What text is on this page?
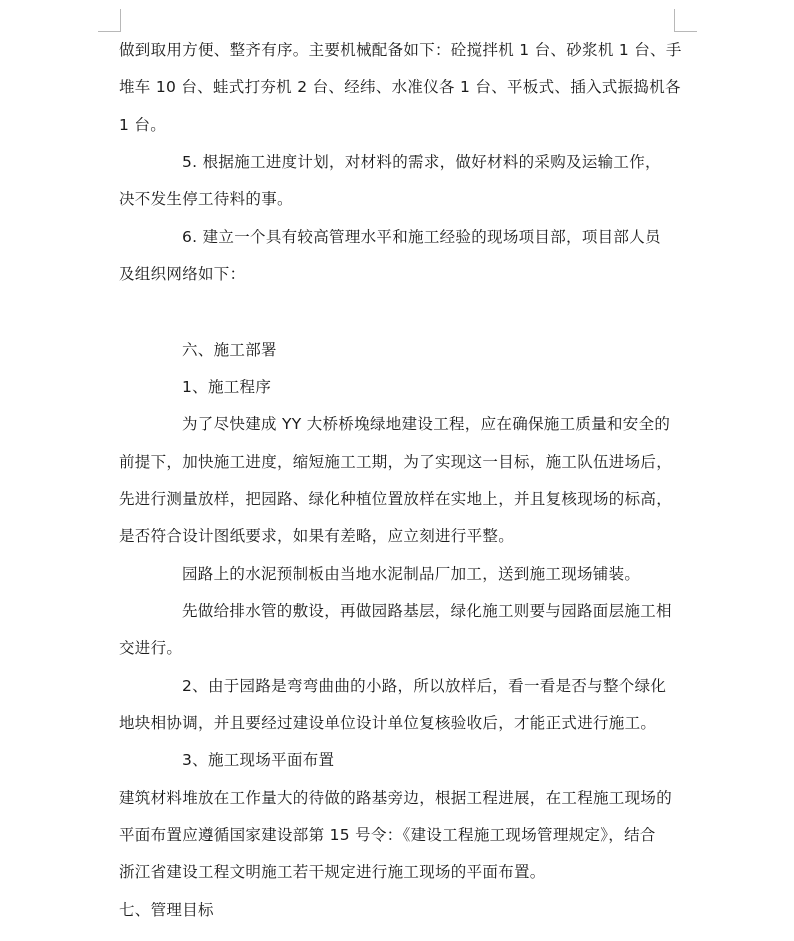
做到取用方便、整齐有序。主要机械配备如下：砼搅拌机 1 台、砂浆机 1 台、手
堆车 10 台、蛙式打夯机 2 台、经纬、水准仪各 1 台、平板式、插入式振捣机各
1 台。
5. 根据施工进度计划，对材料的需求，做好材料的采购及运输工作，
决不发生停工待料的事。
6. 建立一个具有较高管理水平和施工经验的现场项目部，项目部人员
及组织网络如下：
六、施工部署
1、施工程序
为了尽快建成 YY 大桥桥堍绿地建设工程，应在确保施工质量和安全的
前提下，加快施工进度，缩短施工工期，为了实现这一目标，施工队伍进场后，
先进行测量放样，把园路、绿化种植位置放样在实地上，并且复核现场的标高，
是否符合设计图纸要求，如果有差略，应立刻进行平整。
园路上的水泥预制板由当地水泥制品厂加工，送到施工现场铺装。
先做给排水管的敷设，再做园路基层，绿化施工则要与园路面层施工相
交进行。
2、由于园路是弯弯曲曲的小路，所以放样后，看一看是否与整个绿化
地块相协调，并且要经过建设单位设计单位复核验收后，才能正式进行施工。
3、施工现场平面布置
建筑材料堆放在工作量大的待做的路基旁边，根据工程进展，在工程施工现场的
平面布置应遵循国家建设部第 15 号令：《建设工程施工现场管理规定》，结合
浙江省建设工程文明施工若干规定进行施工现场的平面布置。
七、管理目标
